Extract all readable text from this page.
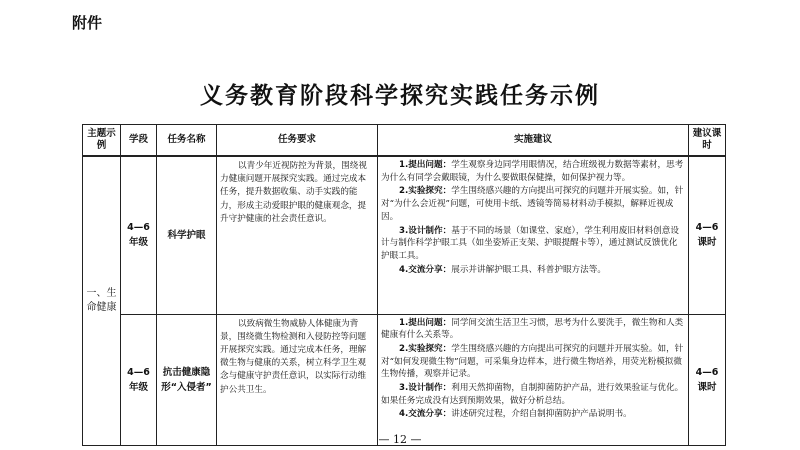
附件
义务教育阶段科学探究实践任务示例
主题示例	学段	任务名称	任务要求	实施建议	建议课时
一、生命健康	4—6年级	科学护眼	以青少年近视防控为背景，围绕视力健康问题开展探究实践。通过完成本任务，提升数据收集、动手实践的能力，形成主动爱眼护眼的健康观念，提升守护健康的社会责任意识。	1.提出问题：学生观察身边同学用眼情况，结合班级视力数据等素材，思考为什么有同学会戴眼镜，为什么要做眼保健操，如何保护视力等。

2.实验探究：学生围绕感兴趣的方向提出可探究的问题并开展实验。如，针对“为什么会近视”问题，可使用卡纸、透镜等简易材料动手模拟，解释近视成因。

3.设计制作：基于不同的场景（如课堂、家庭），学生利用废旧材料创意设计与制作科学护眼工具（如坐姿矫正支架、护眼提醒卡等），通过测试反馈优化护眼工具。

4.交流分享：展示并讲解护眼工具、科普护眼方法等。	4—6课时
	4—6年级	抗击健康隐形“入侵者”	以致病微生物威胁人体健康为背景，围绕微生物检测和入侵防控等问题开展探究实践。通过完成本任务，理解微生物与健康的关系，树立科学卫生观念与健康守护责任意识，以实际行动维护公共卫生。	1.提出问题：同学间交流生活卫生习惯，思考为什么要洗手，微生物和人类健康有什么关系等。

2.实验探究：学生围绕感兴趣的方向提出可探究的问题并开展实验。如，针对“如何发现微生物”问题，可采集身边样本，进行微生物培养，用荧光粉模拟微生物传播，观察并记录。

3.设计制作：利用天然抑菌物，自制抑菌防护产品，进行效果验证与优化。如果任务完成没有达到预期效果，做好分析总结。

4.交流分享：讲述研究过程，介绍自制抑菌防护产品说明书。	4—6课时
— 12 —
